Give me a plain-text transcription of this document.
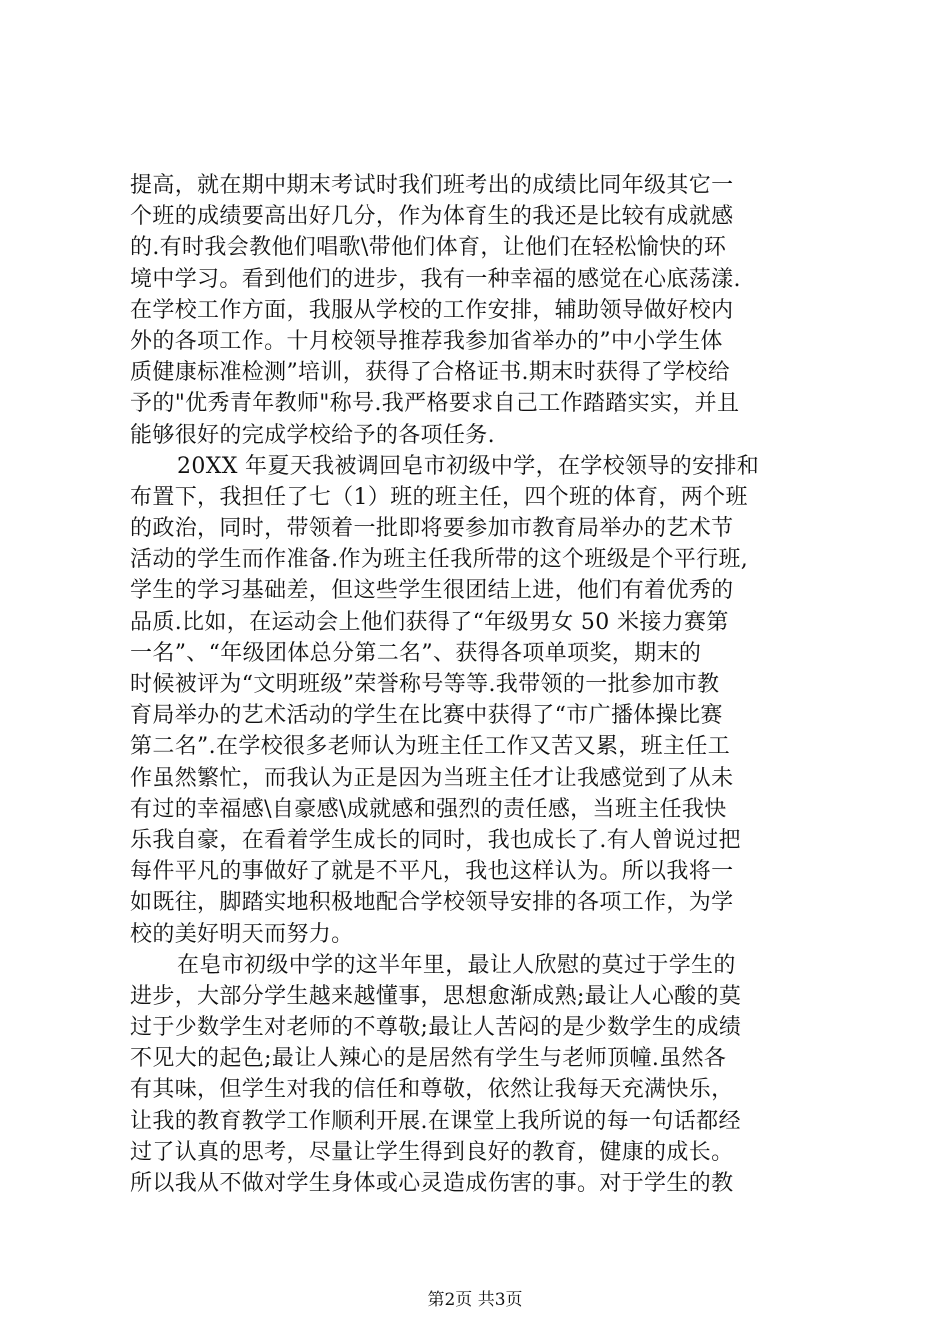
提高，就在期中期末考试时我们班考出的成绩比同年级其它一
个班的成绩要高出好几分，作为体育生的我还是比较有成就感
的.有时我会教他们唱歌\带他们体育，让他们在轻松愉快的环
境中学习。看到他们的进步，我有一种幸福的感觉在心底荡漾.
在学校工作方面，我服从学校的工作安排，辅助领导做好校内
外的各项工作。十月校领导推荐我参加省举办的”中小学生体
质健康标准检测”培训，获得了合格证书.期末时获得了学校给
予的"优秀青年教师"称号.我严格要求自己工作踏踏实实，并且
能够很好的完成学校给予的各项任务.
20XX 年夏天我被调回皂市初级中学，在学校领导的安排和
布置下，我担任了七（1）班的班主任，四个班的体育，两个班
的政治，同时，带领着一批即将要参加市教育局举办的艺术节
活动的学生而作准备.作为班主任我所带的这个班级是个平行班,
学生的学习基础差，但这些学生很团结上进，他们有着优秀的
品质.比如，在运动会上他们获得了“年级男女 50 米接力赛第
一名”、“年级团体总分第二名”、获得各项单项奖，期末的
时候被评为“文明班级”荣誉称号等等.我带领的一批参加市教
育局举办的艺术活动的学生在比赛中获得了“市广播体操比赛
第二名”.在学校很多老师认为班主任工作又苦又累，班主任工
作虽然繁忙，而我认为正是因为当班主任才让我感觉到了从未
有过的幸福感\自豪感\成就感和强烈的责任感，当班主任我快
乐我自豪，在看着学生成长的同时，我也成长了.有人曾说过把
每件平凡的事做好了就是不平凡，我也这样认为。所以我将一
如既往，脚踏实地积极地配合学校领导安排的各项工作，为学
校的美好明天而努力。
在皂市初级中学的这半年里，最让人欣慰的莫过于学生的
进步，大部分学生越来越懂事，思想愈渐成熟;最让人心酸的莫
过于少数学生对老师的不尊敬;最让人苦闷的是少数学生的成绩
不见大的起色;最让人辣心的是居然有学生与老师顶幢.虽然各
有其味，但学生对我的信任和尊敬，依然让我每天充满快乐，
让我的教育教学工作顺利开展.在课堂上我所说的每一句话都经
过了认真的思考，尽量让学生得到良好的教育，健康的成长。
所以我从不做对学生身体或心灵造成伤害的事。对于学生的教
第2页 共3页
